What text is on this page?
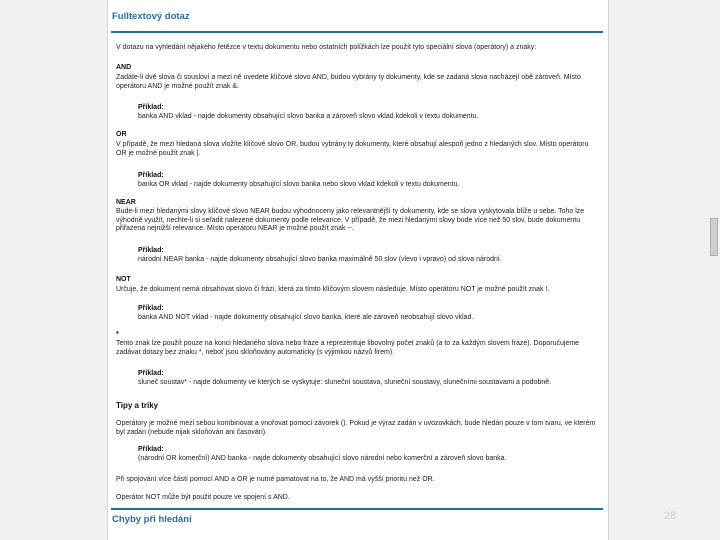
Fulltextový dotaz

V dotazu na vyhledání nějakého řetězce v textu dokumentu nebo ostatních polížkách lze použít tyto speciální slova (operátory) a znaky:

AND

Zadáte-li dvě slova či sousloví a mezi ně uvedete klíčové slovo AND, budou vybrány ty dokumenty, kde se zadaná slova nacházejí obě zároveň. Místo operátoru AND je možné použít znak &.

Příklad:
banka AND vklad - najde dokumenty obsahující slovo banka a zároveň slovo vklad kdekoli v textu dokumentu.
OR

V případě, že mezi hledaná slova vložíte klíčové slovo OR, budou vybrány ty dokumenty, které obsahují alespoň jedno z hledaných slov. Místo operátoru OR je možné použít znak |.

Příklad:
banka OR vklad - najde dokumenty obsahující slovo banka nebo slovo vklad kdekoli v textu dokumentu.
NEAR

Bude-li mezi hledanými slovy klíčové slovo NEAR budou vyhodnoceny jako relevantnější ty dokumenty, kde se slova vyskytovala blíže u sebe. Toho lze výhodně využít, nechte-li si seřadit nalezené dokumenty podle relevance. V případě, že mezi hledanými slovy bude více než 50 slov, bude dokumentu přiřazena nejnižší relevance. Místo operátoru NEAR je možné použít znak ~.

Příklad:
národní NEAR banka - najde dokumenty obsahující slovo banka maximálně 50 slov (vlevo i vpravo) od slova národní.
NOT

Určuje, že dokument nemá obsahovat slovo či frázi, která za tímto klíčovým slovem následuje. Místo operátoru NOT je možné použít znak !.

Příklad:
banka AND NOT vklad - najde dokumenty obsahující slovo banka, které ale zároveň neobsahují slovo vklad.
*

Tento znak lze použít pouze na konci hledaného slova nebo fráze a reprezentuje libovolný počet znaků (a to za každým slovem fráze). Doporučujeme zadávat dotazy bez znaku *, neboť jsou skloňovány automaticky (s výjimkou názvů firem).

Příklad:
sluneč soustav* - najde dokumenty ve kterých se vyskytuje: sluneční soustava, sluneční soustavy, slunečními soustavami a podobně.
Tipy a triky

Operátory je možné mezi sebou kombinovat a vnořovat pomocí závorek (). Pokud je výraz zadán v uvozovkách, bude hledán pouze v tom tvaru, ve kterém byl zadán (nebude nijak skloňován ani časován).

Příklad:
(národní OR komerční) AND banka - najde dokumenty obsahující slovo národní nebo komerční a zároveň slovo banka.

Při spojování více částí pomocí AND a OR je nutné pamatovat na to, že AND má vyšší prioritu než OR.

Operátor NOT může být použit pouze ve spojení s AND.

Chyby při hledání	28
